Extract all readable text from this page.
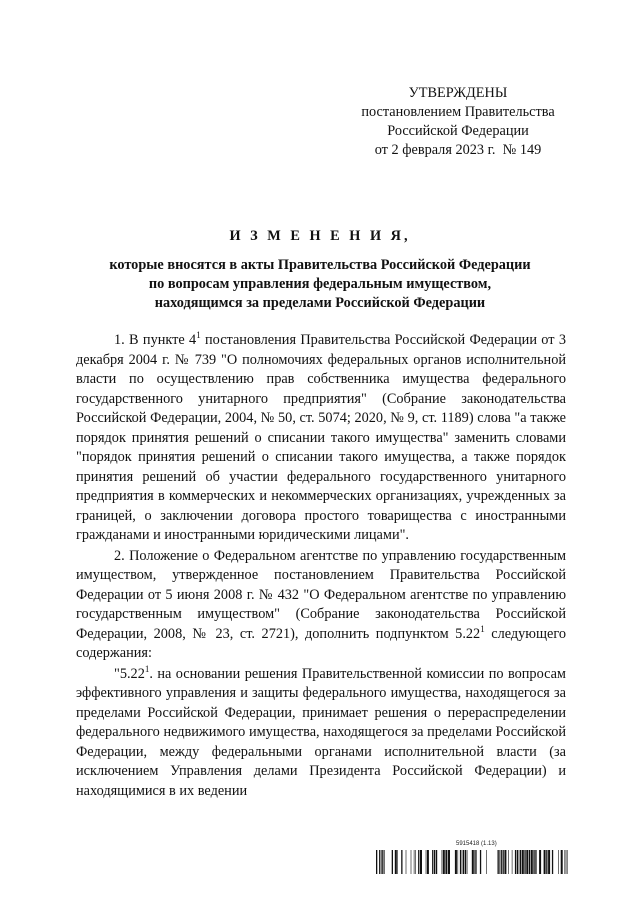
УТВЕРЖДЕНЫ
постановлением Правительства
Российской Федерации
от 2 февраля 2023 г.  № 149
И З М Е Н Е Н И Я,
которые вносятся в акты Правительства Российской Федерации
по вопросам управления федеральным имуществом,
находящимся за пределами Российской Федерации

1. В пункте $4^1$ постановления Правительства Российской Федерации от 3 декабря 2004 г. № 739 "О полномочиях федеральных органов исполнительной власти по осуществлению прав собственника имущества федерального государственного унитарного предприятия" (Собрание законодательства Российской Федерации, 2004, № 50, ст. 5074; 2020, № 9, ст. 1189) слова "а также порядок принятия решений о списании такого имущества" заменить словами "порядок принятия решений о списании такого имущества, а также порядок принятия решений об участии федерального государственного унитарного предприятия в коммерческих и некоммерческих организациях, учрежденных за границей, о заключении договора простого товарищества с иностранными гражданами и иностранными юридическими лицами".

2. Положение о Федеральном агентстве по управлению государственным имуществом, утвержденное постановлением Правительства Российской Федерации от 5 июня 2008 г. № 432 "О Федеральном агентстве по управлению государственным имуществом" (Собрание законодательства Российской Федерации, 2008, № 23, ст. 2721), дополнить подпунктом 5.22$^1$ следующего содержания:

"5.22$^1$. на основании решения Правительственной комиссии по вопросам эффективного управления и защиты федерального имущества, находящегося за пределами Российской Федерации, принимает решения о перераспределении федерального недвижимого имущества, находящегося за пределами Российской Федерации, между федеральными органами исполнительной власти (за исключением Управления делами Президента Российской Федерации) и находящимися в их ведении

5915418 (1.13)
